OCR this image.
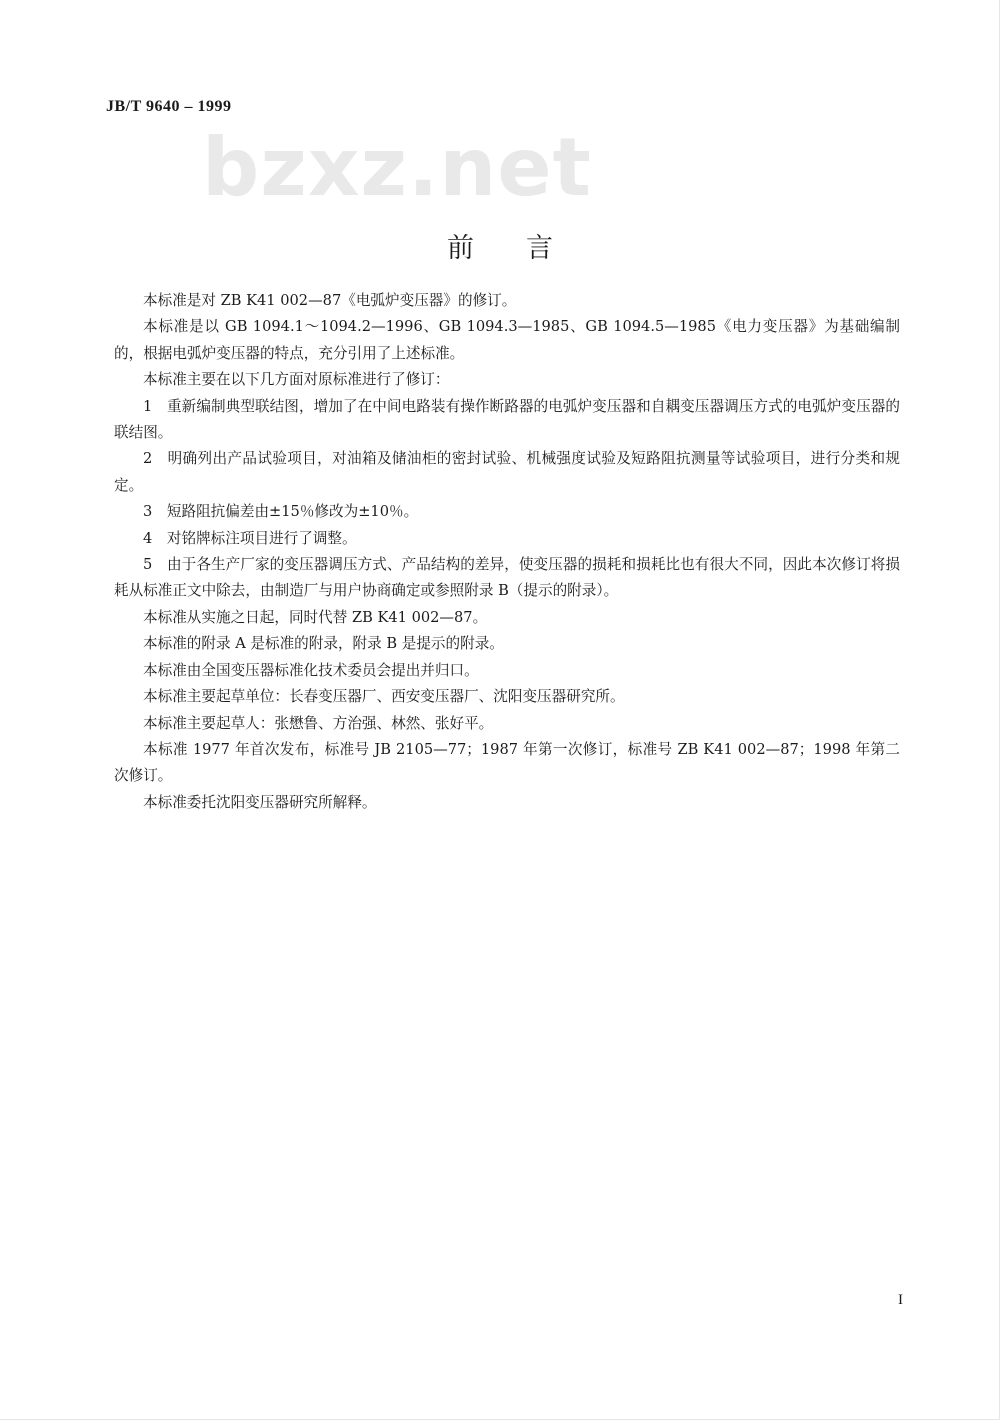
JB/T 9640 – 1999
bzxz.net
前言

本标准是对 ZB K41 002—87《电弧炉变压器》的修订。

本标准是以 GB 1094.1～1094.2—1996、GB 1094.3—1985、GB 1094.5—1985《电力变压器》为基础编制的，根据电弧炉变压器的特点，充分引用了上述标准。

本标准主要在以下几方面对原标准进行了修订：

1　重新编制典型联结图，增加了在中间电路装有操作断路器的电弧炉变压器和自耦变压器调压方式的电弧炉变压器的联结图。

2　明确列出产品试验项目，对油箱及储油柜的密封试验、机械强度试验及短路阻抗测量等试验项目，进行分类和规定。

3　短路阻抗偏差由±15％修改为±10％。

4　对铭牌标注项目进行了调整。

5　由于各生产厂家的变压器调压方式、产品结构的差异，使变压器的损耗和损耗比也有很大不同，因此本次修订将损耗从标准正文中除去，由制造厂与用户协商确定或参照附录 B（提示的附录）。

本标准从实施之日起，同时代替 ZB K41 002—87。

本标准的附录 A 是标准的附录，附录 B 是提示的附录。

本标准由全国变压器标准化技术委员会提出并归口。

本标准主要起草单位：长春变压器厂、西安变压器厂、沈阳变压器研究所。

本标准主要起草人：张懋鲁、方治强、林然、张好平。

本标准 1977 年首次发布，标准号 JB 2105—77；1987 年第一次修订，标准号 ZB K41 002—87；1998 年第二次修订。

本标准委托沈阳变压器研究所解释。

I
